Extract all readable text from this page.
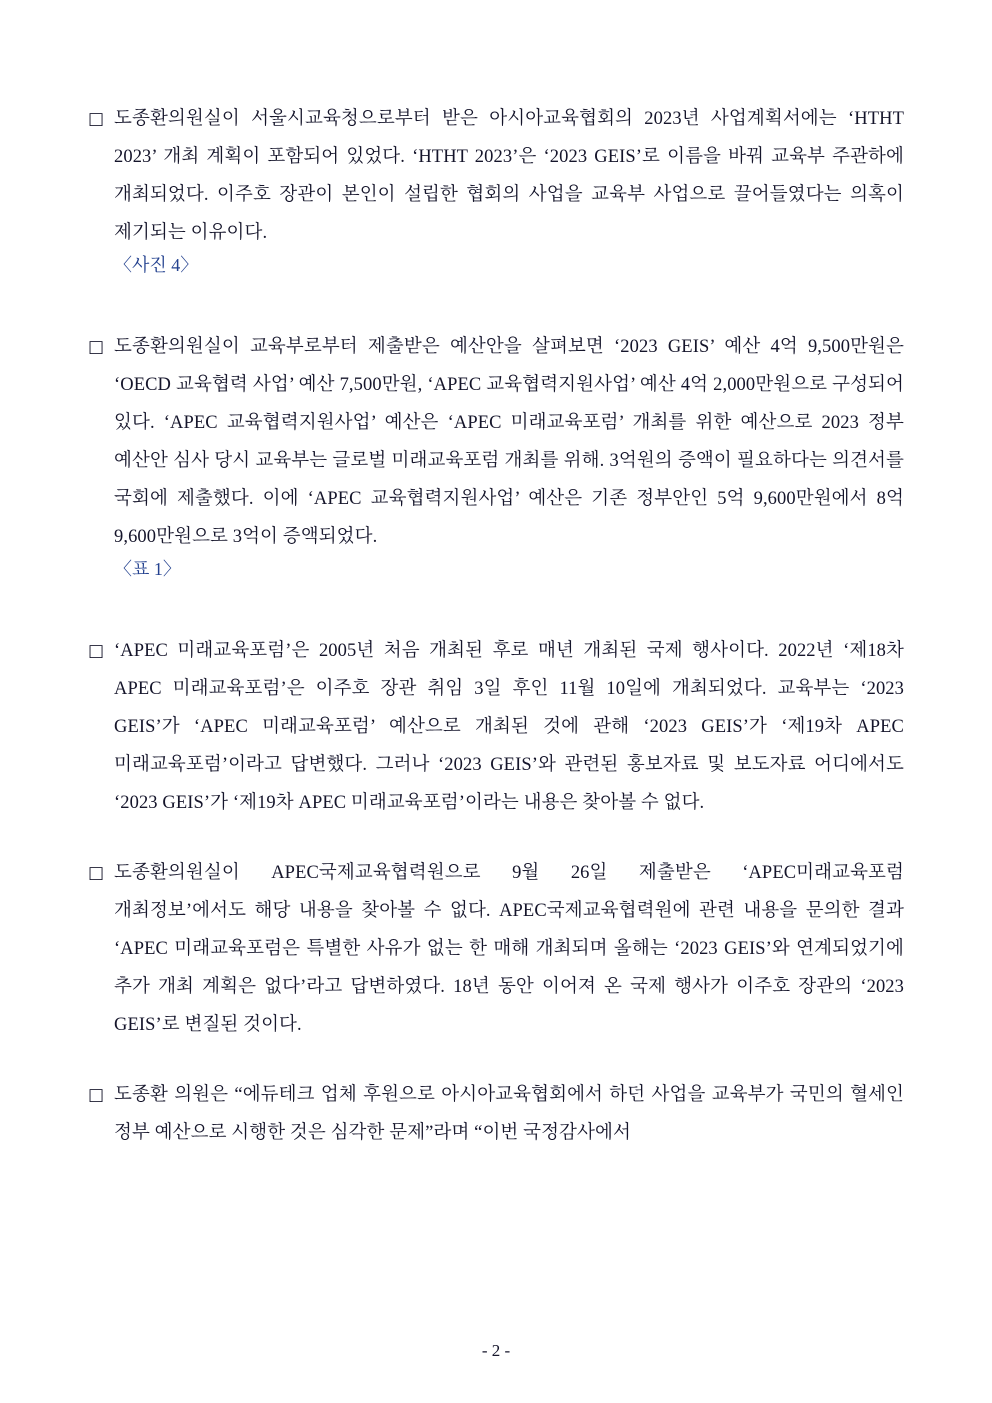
□ 도종환의원실이 서울시교육청으로부터 받은 아시아교육협회의 2023년 사업계획서에는 ‘HTHT 2023’ 개최 계획이 포함되어 있었다. ‘HTHT 2023’은 ‘2023 GEIS’로 이름을 바꿔 교육부 주관하에 개최되었다. 이주호 장관이 본인이 설립한 협회의 사업을 교육부 사업으로 끌어들였다는 의혹이 제기되는 이유이다.
〈사진 4〉
□ 도종환의원실이 교육부로부터 제출받은 예산안을 살펴보면 ‘2023 GEIS’ 예산 4억 9,500만원은 ‘OECD 교육협력 사업’ 예산 7,500만원, ‘APEC 교육협력지원사업’ 예산 4억 2,000만원으로 구성되어 있다. ‘APEC 교육협력지원사업’ 예산은 ‘APEC 미래교육포럼’ 개최를 위한 예산으로 2023 정부 예산안 심사 당시 교육부는 글로벌 미래교육포럼 개최를 위해. 3억원의 증액이 필요하다는 의견서를 국회에 제출했다. 이에 ‘APEC 교육협력지원사업’ 예산은 기존 정부안인 5억 9,600만원에서 8억 9,600만원으로 3억이 증액되었다.
〈표 1〉
□ ‘APEC 미래교육포럼’은 2005년 처음 개최된 후로 매년 개최된 국제 행사이다. 2022년 ‘제18차 APEC 미래교육포럼’은 이주호 장관 취임 3일 후인 11월 10일에 개최되었다. 교육부는 ‘2023 GEIS’가 ‘APEC 미래교육포럼’ 예산으로 개최된 것에 관해 ‘2023 GEIS’가 ‘제19차 APEC 미래교육포럼’이라고 답변했다. 그러나 ‘2023 GEIS’와 관련된 홍보자료 및 보도자료 어디에서도 ‘2023 GEIS’가 ‘제19차 APEC 미래교육포럼’이라는 내용은 찾아볼 수 없다.
□ 도종환의원실이 APEC국제교육협력원으로 9월 26일 제출받은 ‘APEC미래교육포럼 개최정보’에서도 해당 내용을 찾아볼 수 없다. APEC국제교육협력원에 관련 내용을 문의한 결과 ‘APEC 미래교육포럼은 특별한 사유가 없는 한 매해 개최되며 올해는 ‘2023 GEIS’와 연계되었기에 추가 개최 계획은 없다’라고 답변하였다. 18년 동안 이어져 온 국제 행사가 이주호 장관의 ‘2023 GEIS’로 변질된 것이다.
□ 도종환 의원은 “에듀테크 업체 후원으로 아시아교육협회에서 하던 사업을 교육부가 국민의 혈세인 정부 예산으로 시행한 것은 심각한 문제”라며 “이번 국정감사에서
- 2 -
